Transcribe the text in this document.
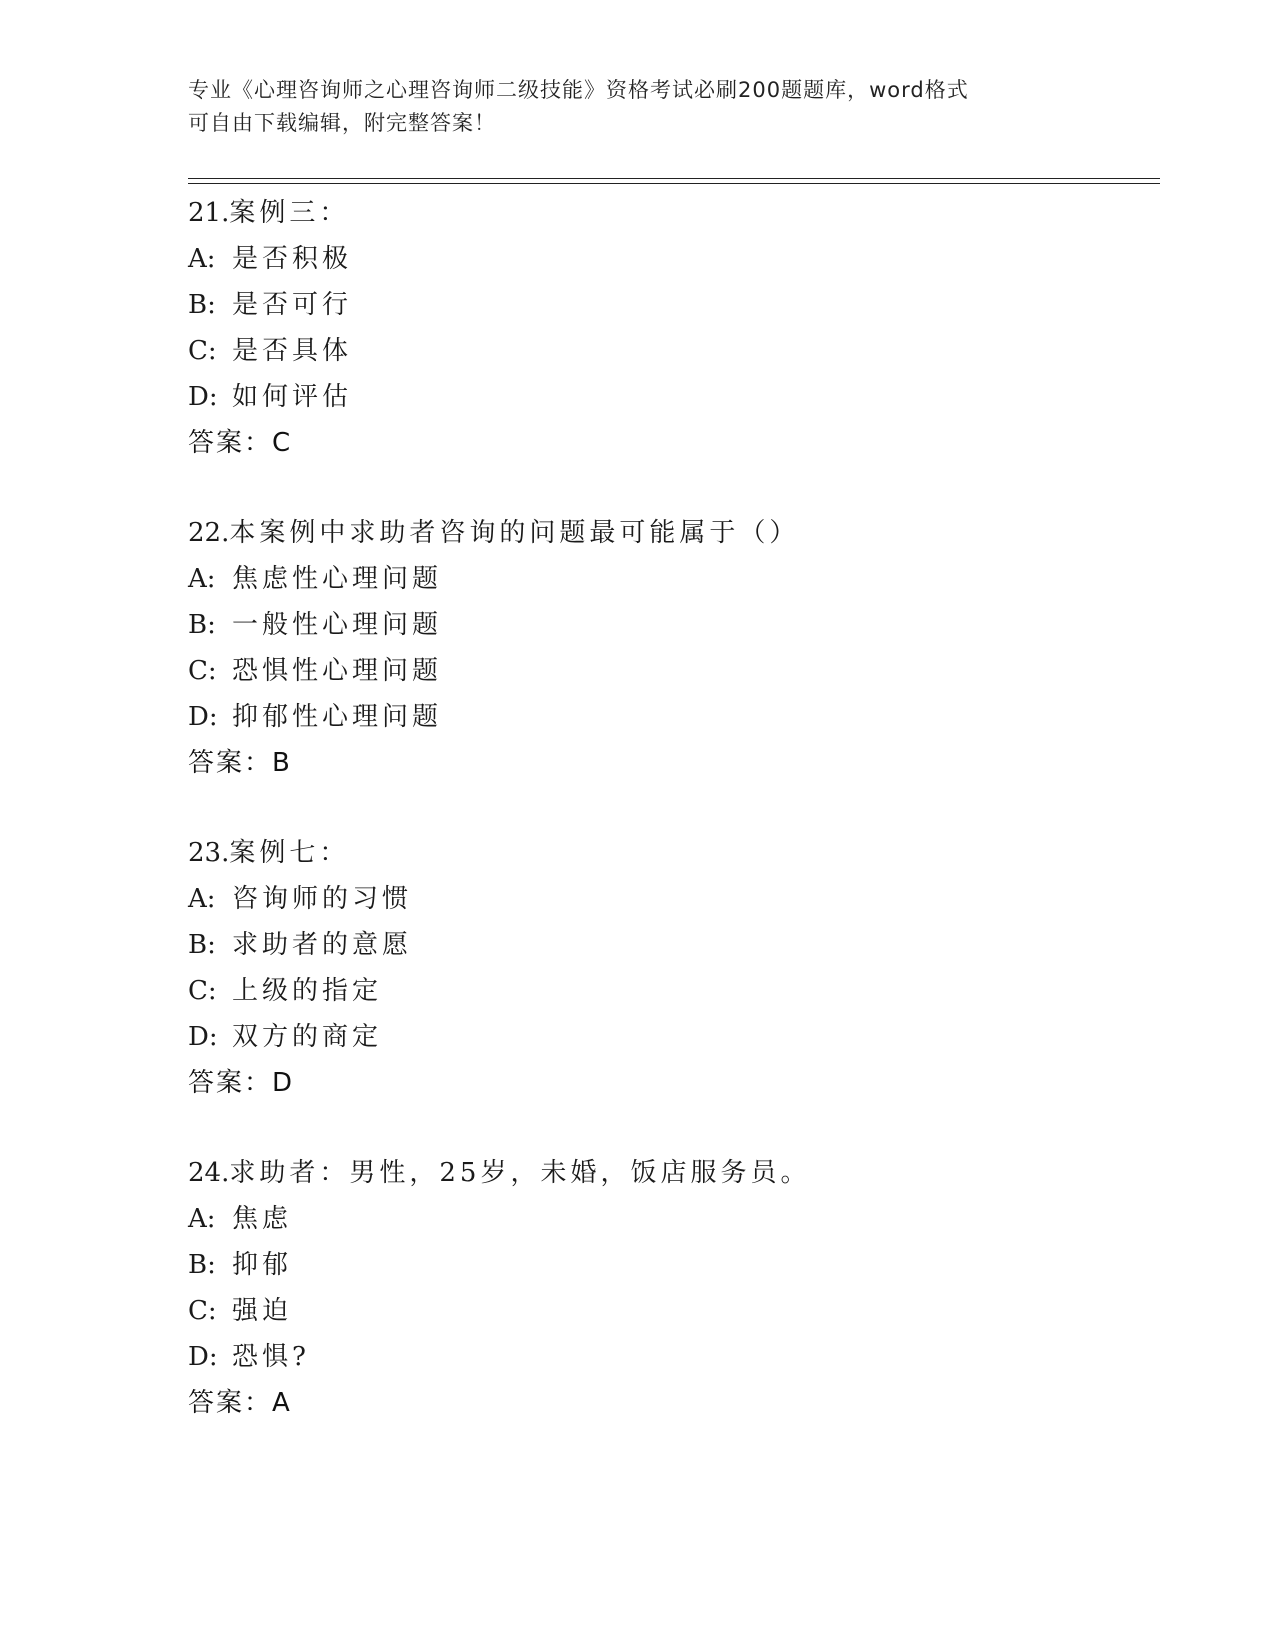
专业《心理咨询师之心理咨询师二级技能》资格考试必刷200题题库，word格式
可自由下载编辑，附完整答案！
21.案例三：
A: 是否积极
B: 是否可行
C: 是否具体
D: 如何评估
答案：C
22.本案例中求助者咨询的问题最可能属于（）
A: 焦虑性心理问题
B: 一般性心理问题
C: 恐惧性心理问题
D: 抑郁性心理问题
答案：B
23.案例七：
A: 咨询师的习惯
B: 求助者的意愿
C: 上级的指定
D: 双方的商定
答案：D
24.求助者：男性，25岁，未婚，饭店服务员。
A: 焦虑
B: 抑郁
C: 强迫
D: 恐惧?
答案：A
